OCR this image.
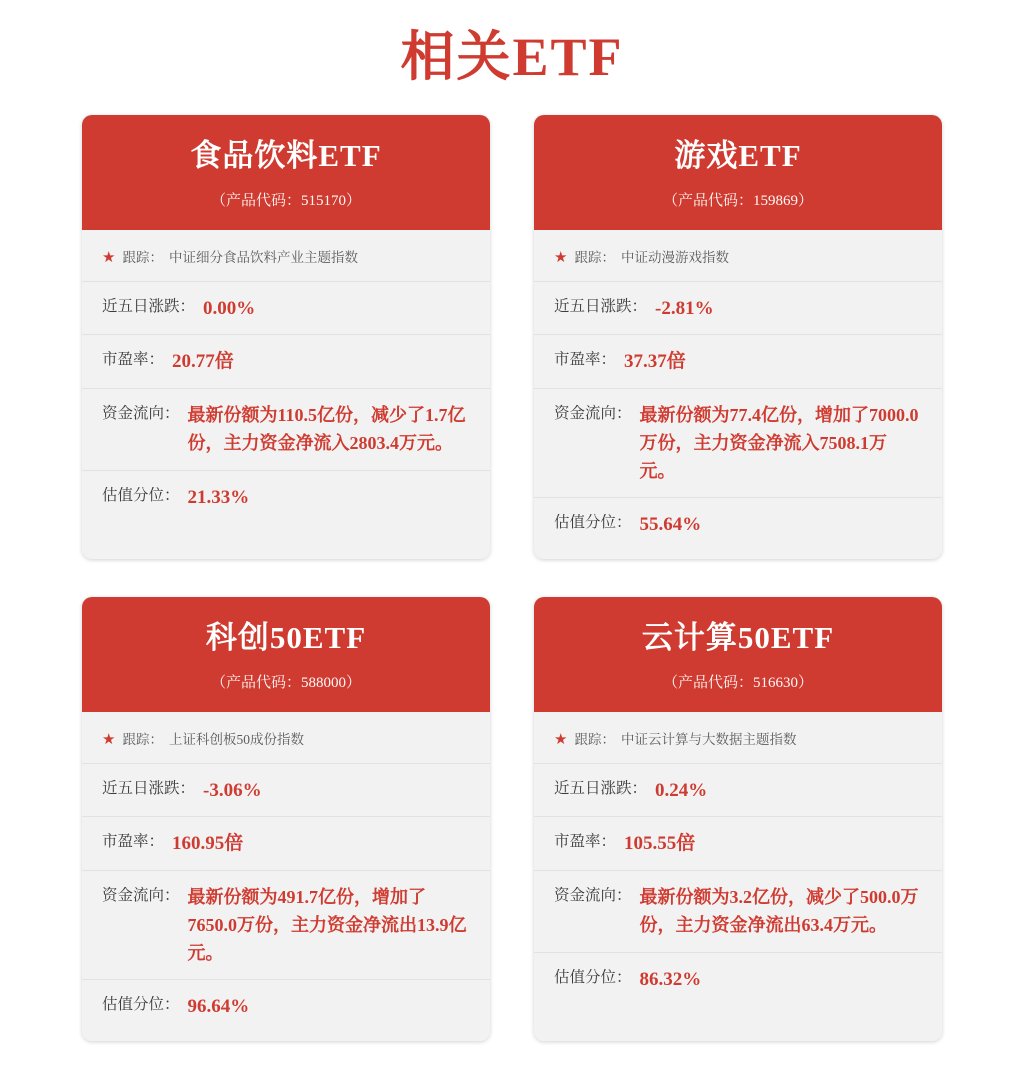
相关ETF
食品饮料ETF
（产品代码：515170）
★ 跟踪： 中证细分食品饮料产业主题指数
近五日涨跌： 0.00%
市盈率： 20.77倍
资金流向： 最新份额为110.5亿份，减少了1.7亿份，主力资金净流入2803.4万元。
估值分位： 21.33%
游戏ETF
（产品代码：159869）
★ 跟踪： 中证动漫游戏指数
近五日涨跌： -2.81%
市盈率： 37.37倍
资金流向： 最新份额为77.4亿份，增加了7000.0万份，主力资金净流入7508.1万元。
估值分位： 55.64%
科创50ETF
（产品代码：588000）
★ 跟踪： 上证科创板50成份指数
近五日涨跌： -3.06%
市盈率： 160.95倍
资金流向： 最新份额为491.7亿份，增加了7650.0万份，主力资金净流出13.9亿元。
估值分位： 96.64%
云计算50ETF
（产品代码：516630）
★ 跟踪： 中证云计算与大数据主题指数
近五日涨跌： 0.24%
市盈率： 105.55倍
资金流向： 最新份额为3.2亿份，减少了500.0万份，主力资金净流出63.4万元。
估值分位： 86.32%
